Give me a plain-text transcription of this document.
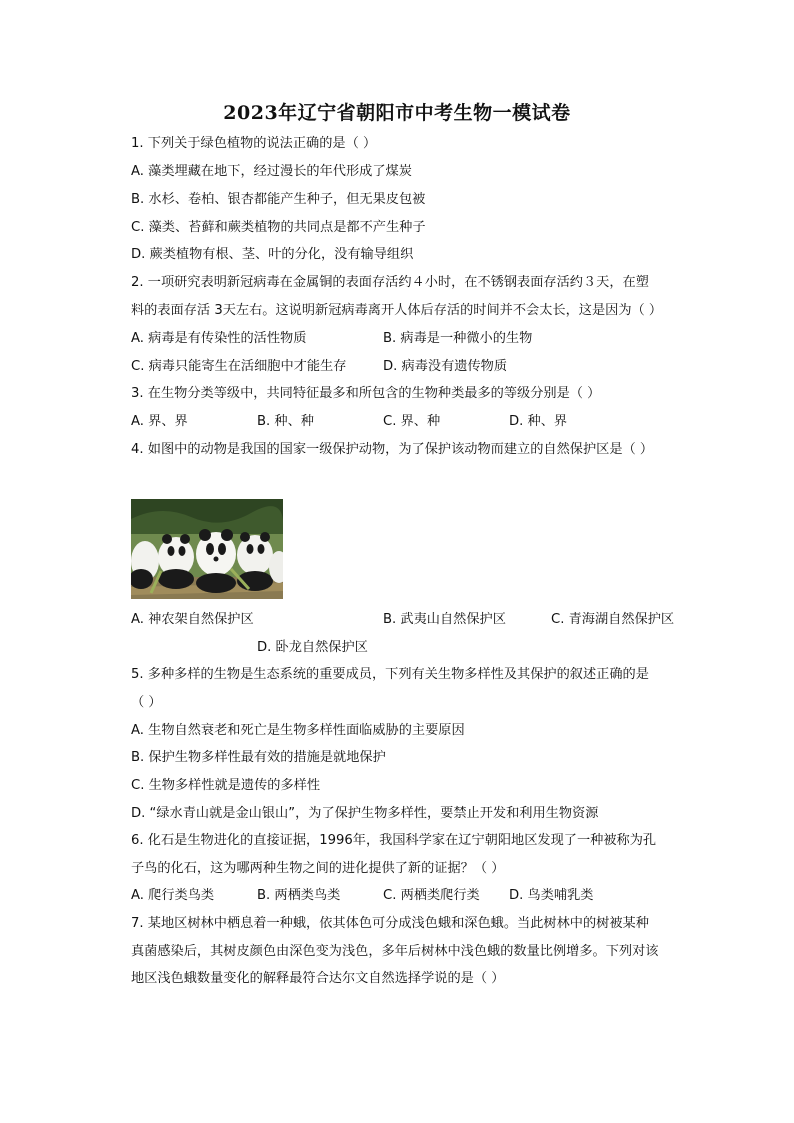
2023年辽宁省朝阳市中考生物一模试卷
1. 下列关于绿色植物的说法正确的是（ ）
A. 藻类埋藏在地下，经过漫长的年代形成了煤炭
B. 水杉、卷柏、银杏都能产生种子，但无果皮包被
C. 藻类、苔藓和蕨类植物的共同点是都不产生种子
D. 蕨类植物有根、茎、叶的分化，没有输导组织
2. 一项研究表明新冠病毒在金属铜的表面存活约４小时，在不锈钢表面存活约３天，在塑
料的表面存活 3天左右。这说明新冠病毒离开人体后存活的时间并不会太长，这是因为（ ）
A. 病毒是有传染性的活性物质	B. 病毒是一种微小的生物
C. 病毒只能寄生在活细胞中才能生存	D. 病毒没有遗传物质
3. 在生物分类等级中，共同特征最多和所包含的生物种类最多的等级分别是（ ）
A. 界、界	B. 种、种	C. 界、种	D. 种、界
4. 如图中的动物是我国的国家一级保护动物，为了保护该动物而建立的自然保护区是（ ）
A. 神农架自然保护区	B. 武夷山自然保护区	C. 青海湖自然保护区
D. 卧龙自然保护区
5. 多种多样的生物是生态系统的重要成员，下列有关生物多样性及其保护的叙述正确的是
（ ）
A. 生物自然衰老和死亡是生物多样性面临威胁的主要原因
B. 保护生物多样性最有效的措施是就地保护
C. 生物多样性就是遗传的多样性
D. “绿水青山就是金山银山”，为了保护生物多样性，要禁止开发和利用生物资源
6. 化石是生物进化的直接证据，1996年，我国科学家在辽宁朝阳地区发现了一种被称为孔
子鸟的化石，这为哪两种生物之间的进化提供了新的证据？（ ）
A. 爬行类鸟类	B. 两栖类鸟类	C. 两栖类爬行类 D. 鸟类哺乳类
7. 某地区树林中栖息着一种蛾，依其体色可分成浅色蛾和深色蛾。当此树林中的树被某种
真菌感染后，其树皮颜色由深色变为浅色，多年后树林中浅色蛾的数量比例增多。下列对该
地区浅色蛾数量变化的解释最符合达尔文自然选择学说的是（ ）
